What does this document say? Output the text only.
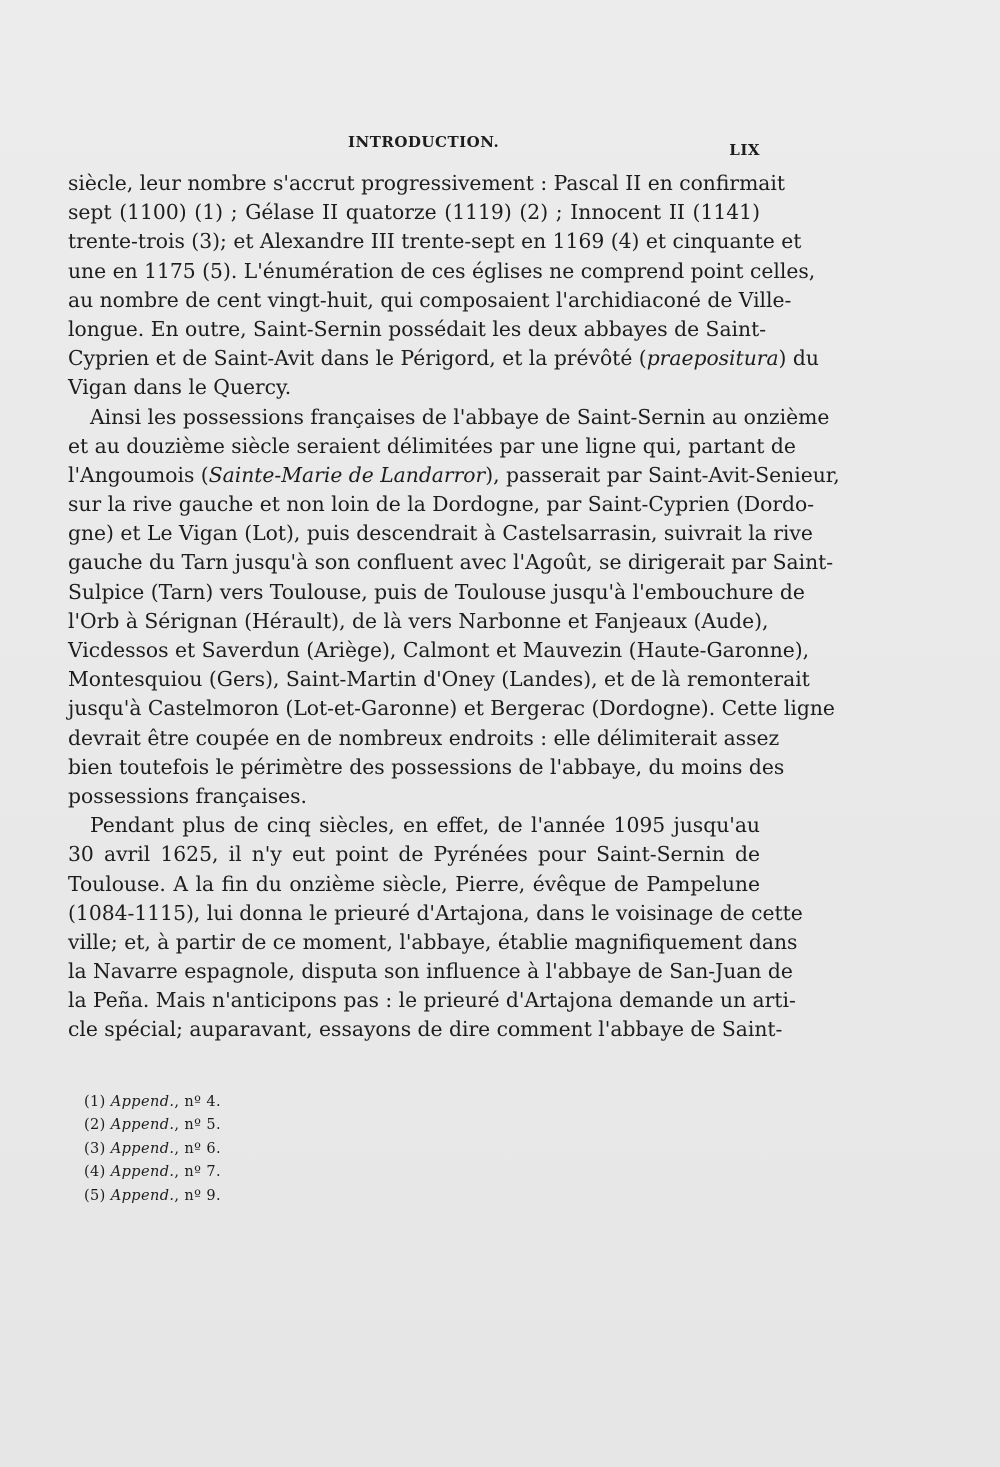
INTRODUCTION.	LIX
siècle, leur nombre s'accrut progressivement : Pascal II en confirmait
sept (1100) (1) ; Gélase II quatorze (1119) (2) ; Innocent II (1141)
trente-trois (3); et Alexandre III trente-sept en 1169 (4) et cinquante et
une en 1175 (5). L'énumération de ces églises ne comprend point celles,
au nombre de cent vingt-huit, qui composaient l'archidiaconé de Ville-
longue. En outre, Saint-Sernin possédait les deux abbayes de Saint-
Cyprien et de Saint-Avit dans le Périgord, et la prévôté (praepositura) du
Vigan dans le Quercy.
Ainsi les possessions françaises de l'abbaye de Saint-Sernin au onzième
et au douzième siècle seraient délimitées par une ligne qui, partant de
l'Angoumois (Sainte-Marie de Landarror), passerait par Saint-Avit-Senieur,
sur la rive gauche et non loin de la Dordogne, par Saint-Cyprien (Dordo-
gne) et Le Vigan (Lot), puis descendrait à Castelsarrasin, suivrait la rive
gauche du Tarn jusqu'à son confluent avec l'Agoût, se dirigerait par Saint-
Sulpice (Tarn) vers Toulouse, puis de Toulouse jusqu'à l'embouchure de
l'Orb à Sérignan (Hérault), de là vers Narbonne et Fanjeaux (Aude),
Vicdessos et Saverdun (Ariège), Calmont et Mauvezin (Haute-Garonne),
Montesquiou (Gers), Saint-Martin d'Oney (Landes), et de là remonterait
jusqu'à Castelmoron (Lot-et-Garonne) et Bergerac (Dordogne). Cette ligne
devrait être coupée en de nombreux endroits : elle délimiterait assez
bien toutefois le périmètre des possessions de l'abbaye, du moins des
possessions françaises.
Pendant plus de cinq siècles, en effet, de l'année 1095 jusqu'au
30 avril 1625, il n'y eut point de Pyrénées pour Saint-Sernin de
Toulouse. A la fin du onzième siècle, Pierre, évêque de Pampelune
(1084-1115), lui donna le prieuré d'Artajona, dans le voisinage de cette
ville; et, à partir de ce moment, l'abbaye, établie magnifiquement dans
la Navarre espagnole, disputa son influence à l'abbaye de San-Juan de
la Peña. Mais n'anticipons pas : le prieuré d'Artajona demande un arti-
cle spécial; auparavant, essayons de dire comment l'abbaye de Saint-
(1) Append., nº 4.
(2) Append., nº 5.
(3) Append., nº 6.
(4) Append., nº 7.
(5) Append., nº 9.
